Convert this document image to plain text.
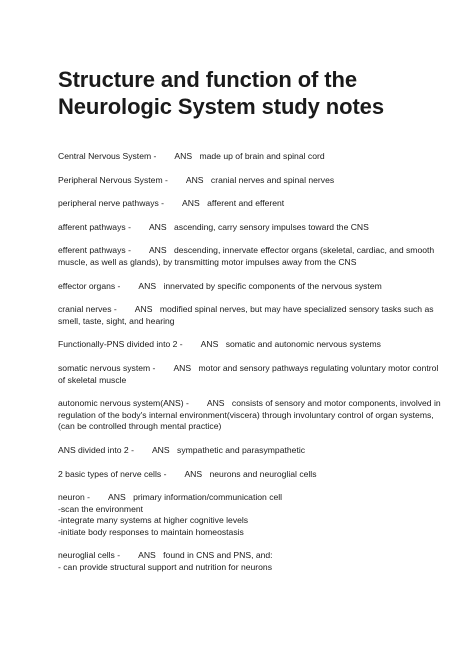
Structure and function of the Neurologic System study notes

Central Nervous System - ANS made up of brain and spinal cord

Peripheral Nervous System - ANS cranial nerves and spinal nerves

peripheral nerve pathways - ANS afferent and efferent

afferent pathways - ANS ascending, carry sensory impulses toward the CNS

efferent pathways - ANS descending, innervate effector organs (skeletal, cardiac, and smooth muscle, as well as glands), by transmitting motor impulses away from the CNS

effector organs - ANS innervated by specific components of the nervous system

cranial nerves - ANS modified spinal nerves, but may have specialized sensory tasks such as smell, taste, sight, and hearing

Functionally-PNS divided into 2 - ANS somatic and autonomic nervous systems

somatic nervous system - ANS motor and sensory pathways regulating voluntary motor control of skeletal muscle

autonomic nervous system(ANS) - ANS consists of sensory and motor components, involved in regulation of the body's internal environment(viscera) through involuntary control of organ systems,
(can be controlled through mental practice)

ANS divided into 2 - ANS sympathetic and parasympathetic

2 basic types of nerve cells - ANS neurons and neuroglial cells

neuron - ANS primary information/communication cell
-scan the environment
-integrate many systems at higher cognitive levels
-initiate body responses to maintain homeostasis

neuroglial cells - ANS found in CNS and PNS, and:
- can provide structural support and nutrition for neurons
